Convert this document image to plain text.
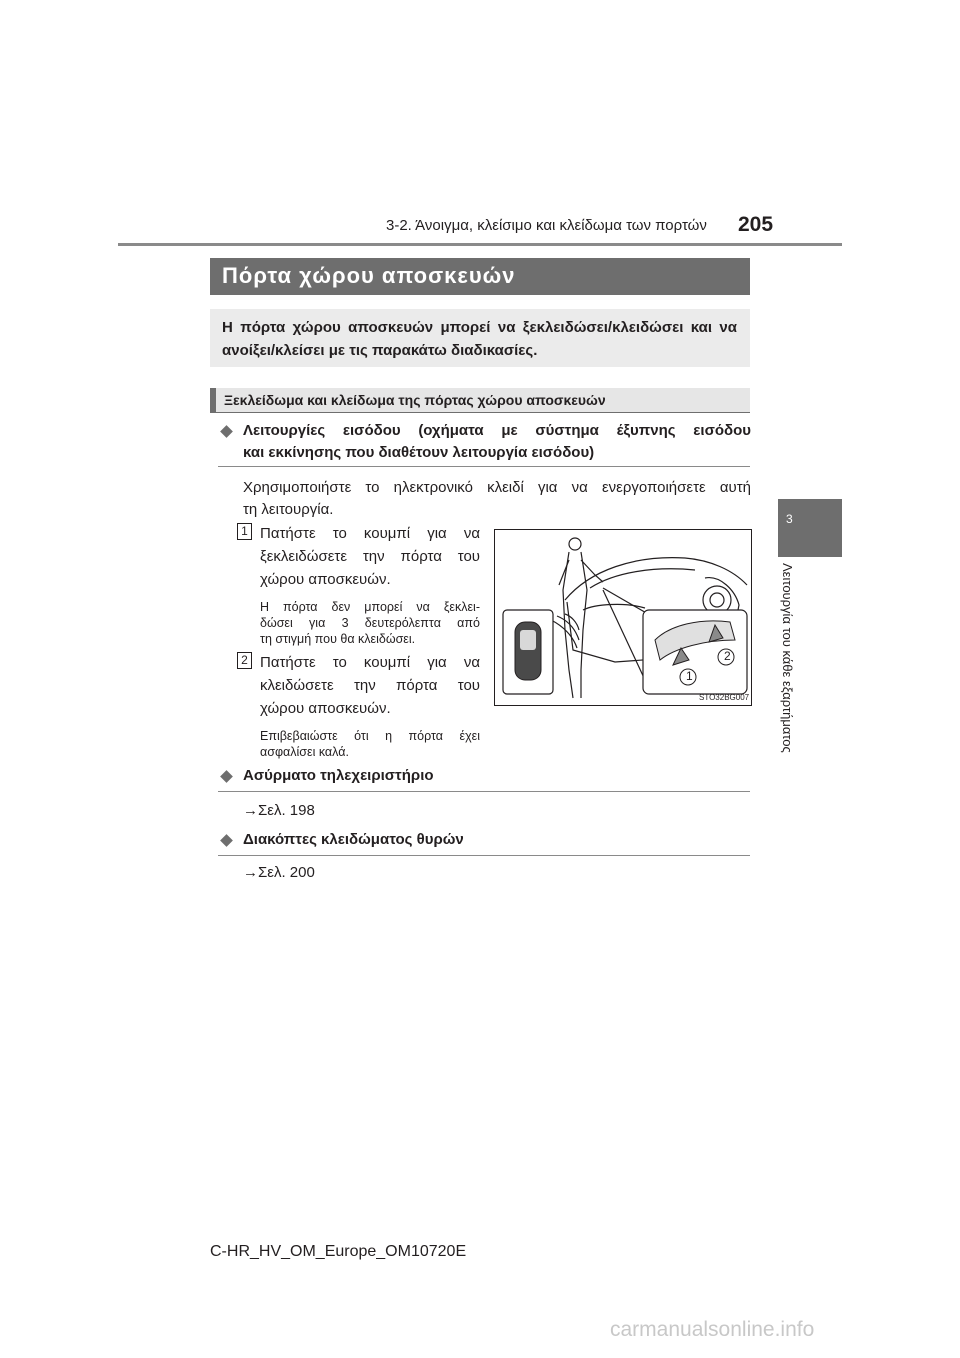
3-2. Άνοιγμα, κλείσιμο και κλείδωμα των πορτών 205
3
Λειτουργία του κάθε εξαρτήματος
Πόρτα χώρου αποσκευών

Η πόρτα χώρου αποσκευών μπορεί να ξεκλειδώσει/κλειδώσει και να ανοίξει/κλείσει με τις παρακάτω διαδικασίες.

Ξεκλείδωμα και κλείδωμα της πόρτας χώρου αποσκευών
Λειτουργίες εισόδου (οχήματα με σύστημα έξυπνης εισόδου
και εκκίνησης που διαθέτουν λειτουργία εισόδου)
Χρησιμοποιήστε το ηλεκτρονικό κλειδί για να ενεργοποιήσετε αυτή
τη λειτουργία.
1 Πατήστε το κουμπί για να
ξεκλειδώσετε την πόρτα του
χώρου αποσκευών.
Η πόρτα δεν μπορεί να ξεκλει-
δώσει για 3 δευτερόλεπτα από
τη στιγμή που θα κλειδώσει.
2 Πατήστε το κουμπί για να
κλειδώσετε την πόρτα του
χώρου αποσκευών.
Επιβεβαιώστε ότι η πόρτα έχει
ασφαλίσει καλά.
1
2
STO32BG007
Ασύρματο τηλεχειριστήριο
→Σελ. 198
Διακόπτες κλειδώματος θυρών
→Σελ. 200
C-HR_HV_OM_Europe_OM10720E
carmanualsonline.info
